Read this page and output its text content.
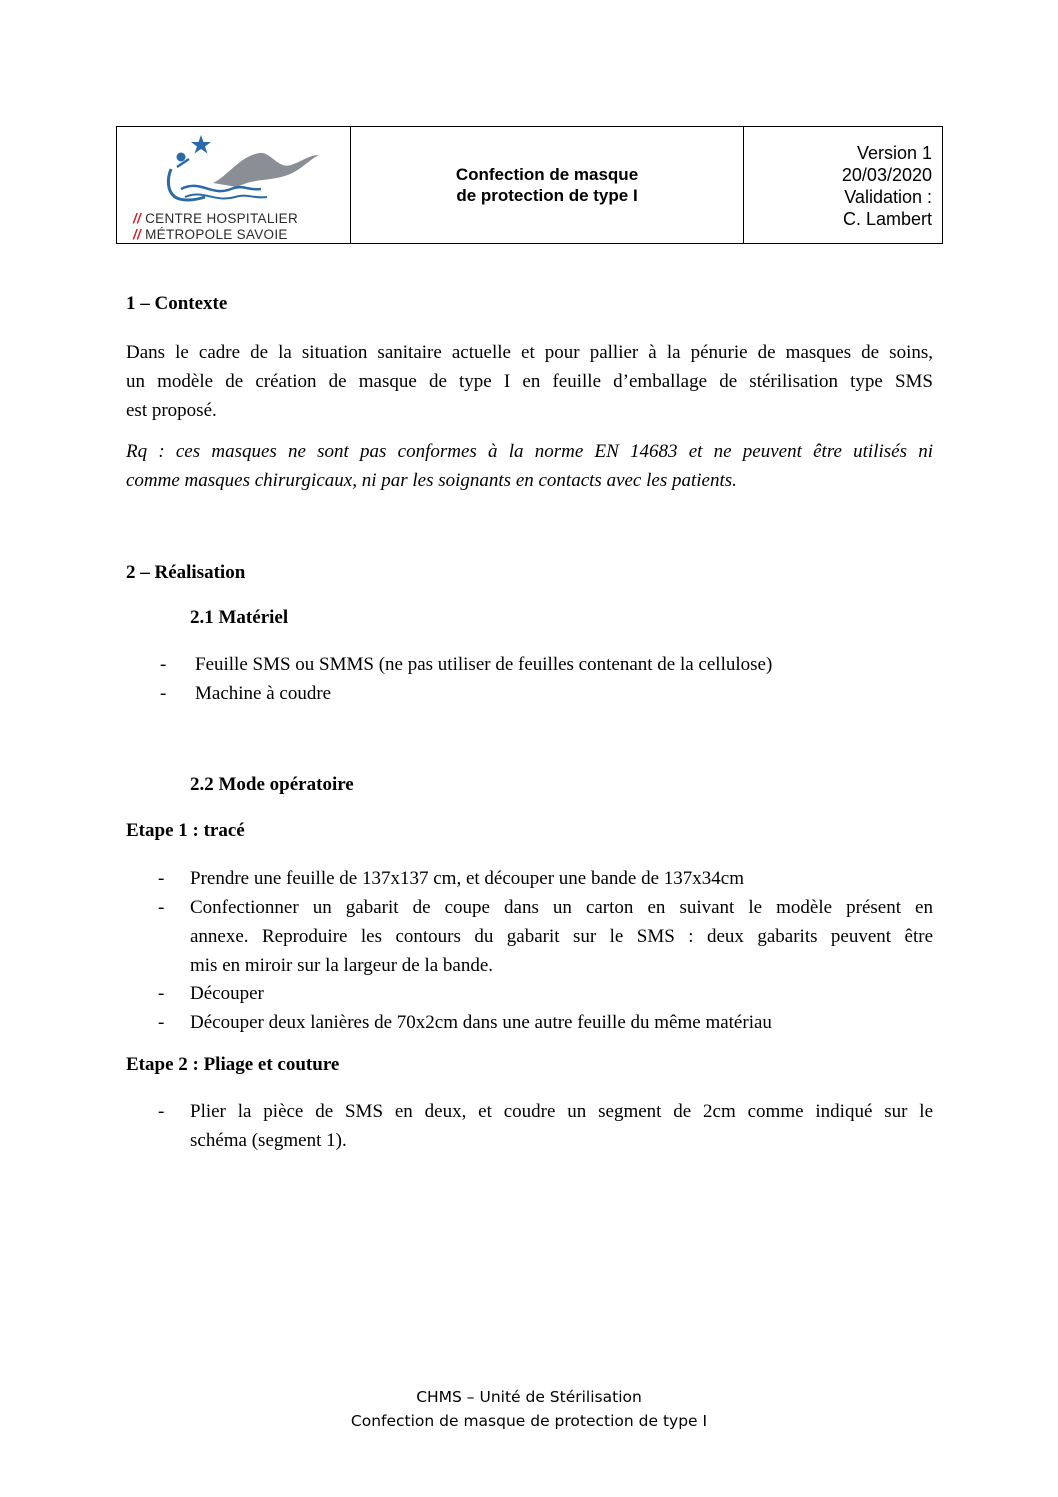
// CENTRE HOSPITALIER
// MÉTROPOLE SAVOIE
Confection de masque
de protection de type I
Version 1
20/03/2020
Validation :
C. Lambert
1 – Contexte
Dans le cadre de la situation sanitaire actuelle et pour pallier à la pénurie de masques de soins,
un modèle de création de masque de type I en feuille d’emballage de stérilisation type SMS
est proposé.
Rq : ces masques ne sont pas conformes à la norme EN 14683 et ne peuvent être utilisés ni
comme masques chirurgicaux, ni par les soignants en contacts avec les patients.
2 – Réalisation
2.1 Matériel
- Feuille SMS ou SMMS (ne pas utiliser de feuilles contenant de la cellulose)
- Machine à coudre
2.2 Mode opératoire
Etape 1 : tracé
- Prendre une feuille de 137x137 cm, et découper une bande de 137x34cm
- Confectionner un gabarit de coupe dans un carton en suivant le modèle présent en
annexe. Reproduire les contours du gabarit sur le SMS : deux gabarits peuvent être
mis en miroir sur la largeur de la bande.
- Découper
- Découper deux lanières de 70x2cm dans une autre feuille du même matériau
Etape 2 : Pliage et couture
- Plier la pièce de SMS en deux, et coudre un segment de 2cm comme indiqué sur le
schéma (segment 1).
CHMS – Unité de Stérilisation
Confection de masque de protection de type I
